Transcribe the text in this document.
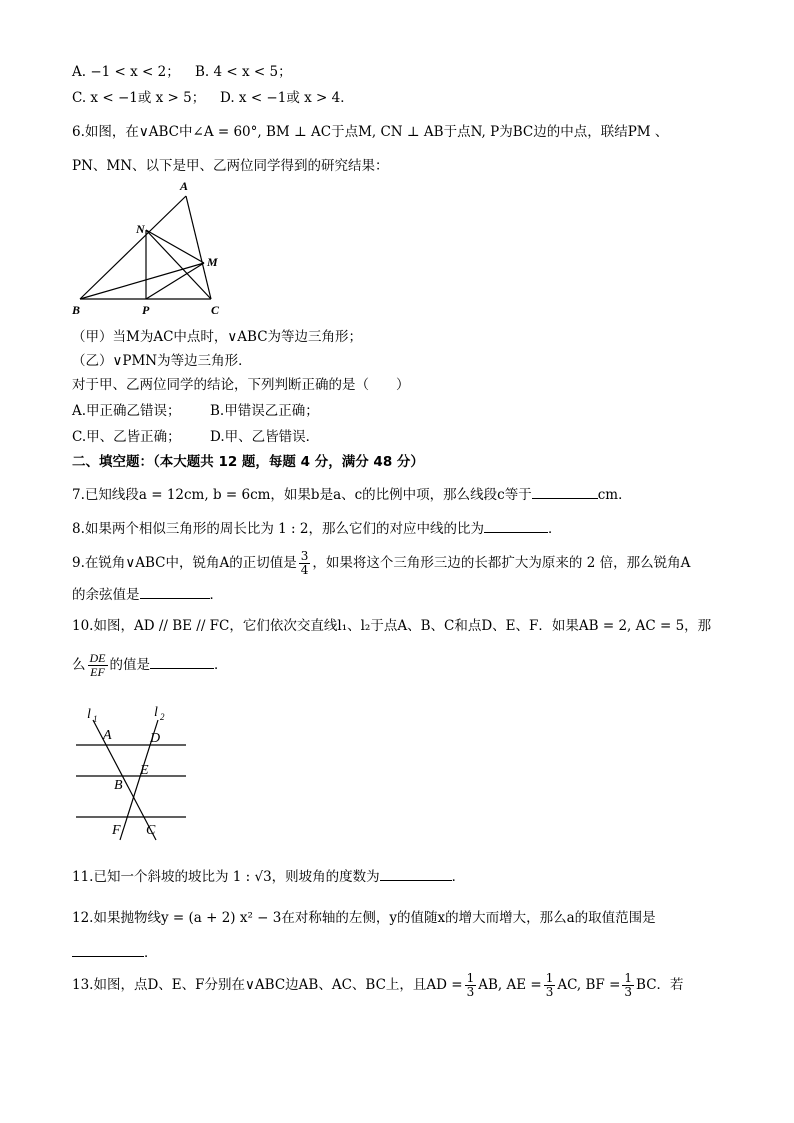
A. −1 < x < 2； B. 4 < x < 5；
C. x < −1或 x > 5； D. x < −1或 x > 4．
6.如图，在∨ABC中∠A = 60°, BM ⊥ AC于点M, CN ⊥ AB于点N, P为BC边的中点，联结PM 、
PN、MN、以下是甲、乙两位同学得到的研究结果：
A
N
M
B	P	C
（甲）当M为AC中点时，∨ABC为等边三角形；
（乙）∨PMN为等边三角形．
对于甲、乙两位同学的结论，下列判断正确的是（　　）
A.甲正确乙错误； B.甲错误乙正确；
C.甲、乙皆正确； D.甲、乙皆错误．
二、填空题：（本大题共 12 题，每题 4 分，满分 48 分）
7.已知线段a = 12cm, b = 6cm，如果b是a、c的比例中项，那么线段c等于	cm．
8.如果两个相似三角形的周长比为 1 : 2，那么它们的对应中线的比为	．
9.在锐角∨ABC中，锐角A的正切值是 $\frac{3}{4}$ ，如果将这个三角形三边的长都扩大为原来的 2 倍，那么锐角A
的余弦值是	．
10.如图，AD // BE // FC，它们依次交直线l₁、l₂于点A、B、C和点D、E、F．如果AB = 2, AC = 5，那
么 $\frac{DE}{EF}$ 的值是	．
l 1	l 2
A	D
E
B
F C
11.已知一个斜坡的坡比为 1 : √3，则坡角的度数为	．
12.如果抛物线y = (a + 2) x² − 3在对称轴的左侧，y的值随x的增大而增大，那么a的取值范围是
．
13.如图，点D、E、F分别在∨ABC边AB、AC、BC上，且AD = $\frac{1}{3}$ AB, AE = $\frac{1}{3}$ AC, BF = $\frac{1}{3}$ BC．若
